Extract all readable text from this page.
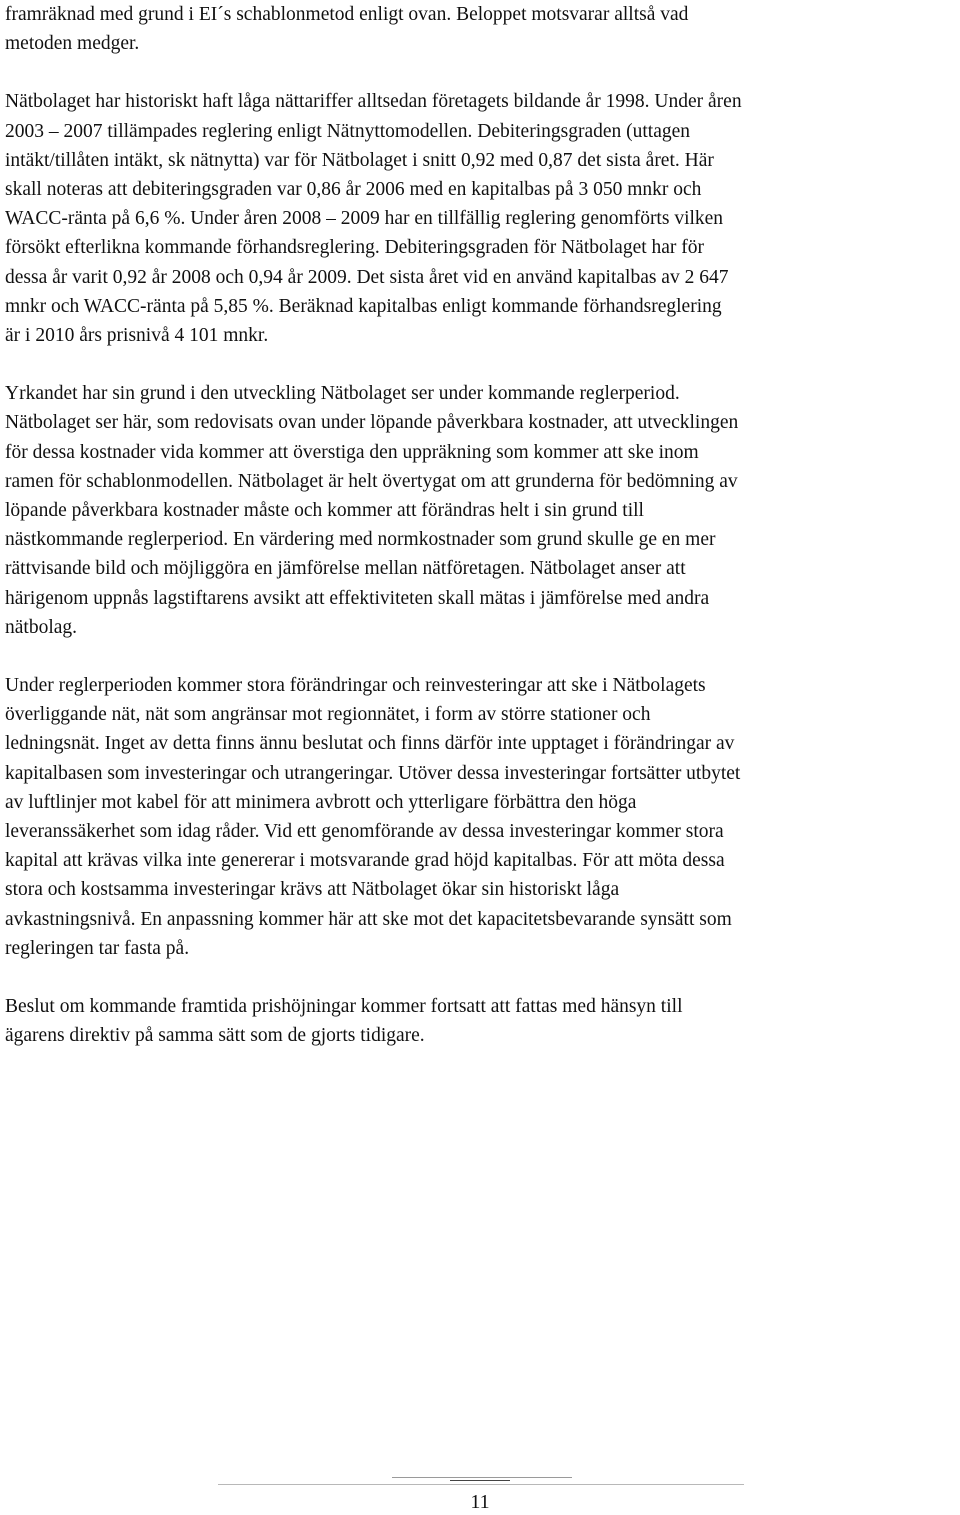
framräknad med grund i EI´s schablonmetod enligt ovan. Beloppet motsvarar alltså vad
metoden medger.

Nätbolaget har historiskt haft låga nättariffer alltsedan företagets bildande år 1998. Under åren
2003 – 2007 tillämpades reglering enligt Nätnyttomodellen. Debiteringsgraden (uttagen
intäkt/tillåten intäkt, sk nätnytta) var för Nätbolaget i snitt 0,92 med 0,87 det sista året. Här
skall noteras att debiteringsgraden var 0,86 år 2006 med en kapitalbas på 3 050 mnkr och
WACC-ränta på 6,6 %. Under åren 2008 – 2009 har en tillfällig reglering genomförts vilken
försökt efterlikna kommande förhandsreglering. Debiteringsgraden för Nätbolaget har för
dessa år varit 0,92 år 2008 och 0,94 år 2009. Det sista året vid en använd kapitalbas av 2 647
mnkr och WACC-ränta på 5,85 %. Beräknad kapitalbas enligt kommande förhandsreglering
är i 2010 års prisnivå 4 101 mnkr.

Yrkandet har sin grund i den utveckling Nätbolaget ser under kommande reglerperiod.
Nätbolaget ser här, som redovisats ovan under löpande påverkbara kostnader, att utvecklingen
för dessa kostnader vida kommer att överstiga den uppräkning som kommer att ske inom
ramen för schablonmodellen. Nätbolaget är helt övertygat om att grunderna för bedömning av
löpande påverkbara kostnader måste och kommer att förändras helt i sin grund till
nästkommande reglerperiod. En värdering med normkostnader som grund skulle ge en mer
rättvisande bild och möjliggöra en jämförelse mellan nätföretagen. Nätbolaget anser att
härigenom uppnås lagstiftarens avsikt att effektiviteten skall mätas i jämförelse med andra
nätbolag.

Under reglerperioden kommer stora förändringar och reinvesteringar att ske i Nätbolagets
överliggande nät, nät som angränsar mot regionnätet, i form av större stationer och
ledningsnät. Inget av detta finns ännu beslutat och finns därför inte upptaget i förändringar av
kapitalbasen som investeringar och utrangeringar. Utöver dessa investeringar fortsätter utbytet
av luftlinjer mot kabel för att minimera avbrott och ytterligare förbättra den höga
leveranssäkerhet som idag råder. Vid ett genomförande av dessa investeringar kommer stora
kapital att krävas vilka inte genererar i motsvarande grad höjd kapitalbas. För att möta dessa
stora och kostsamma investeringar krävs att Nätbolaget ökar sin historiskt låga
avkastningsnivå. En anpassning kommer här att ske mot det kapacitetsbevarande synsätt som
regleringen tar fasta på.

Beslut om kommande framtida prishöjningar kommer fortsatt att fattas med hänsyn till
ägarens direktiv på samma sätt som de gjorts tidigare.

11
